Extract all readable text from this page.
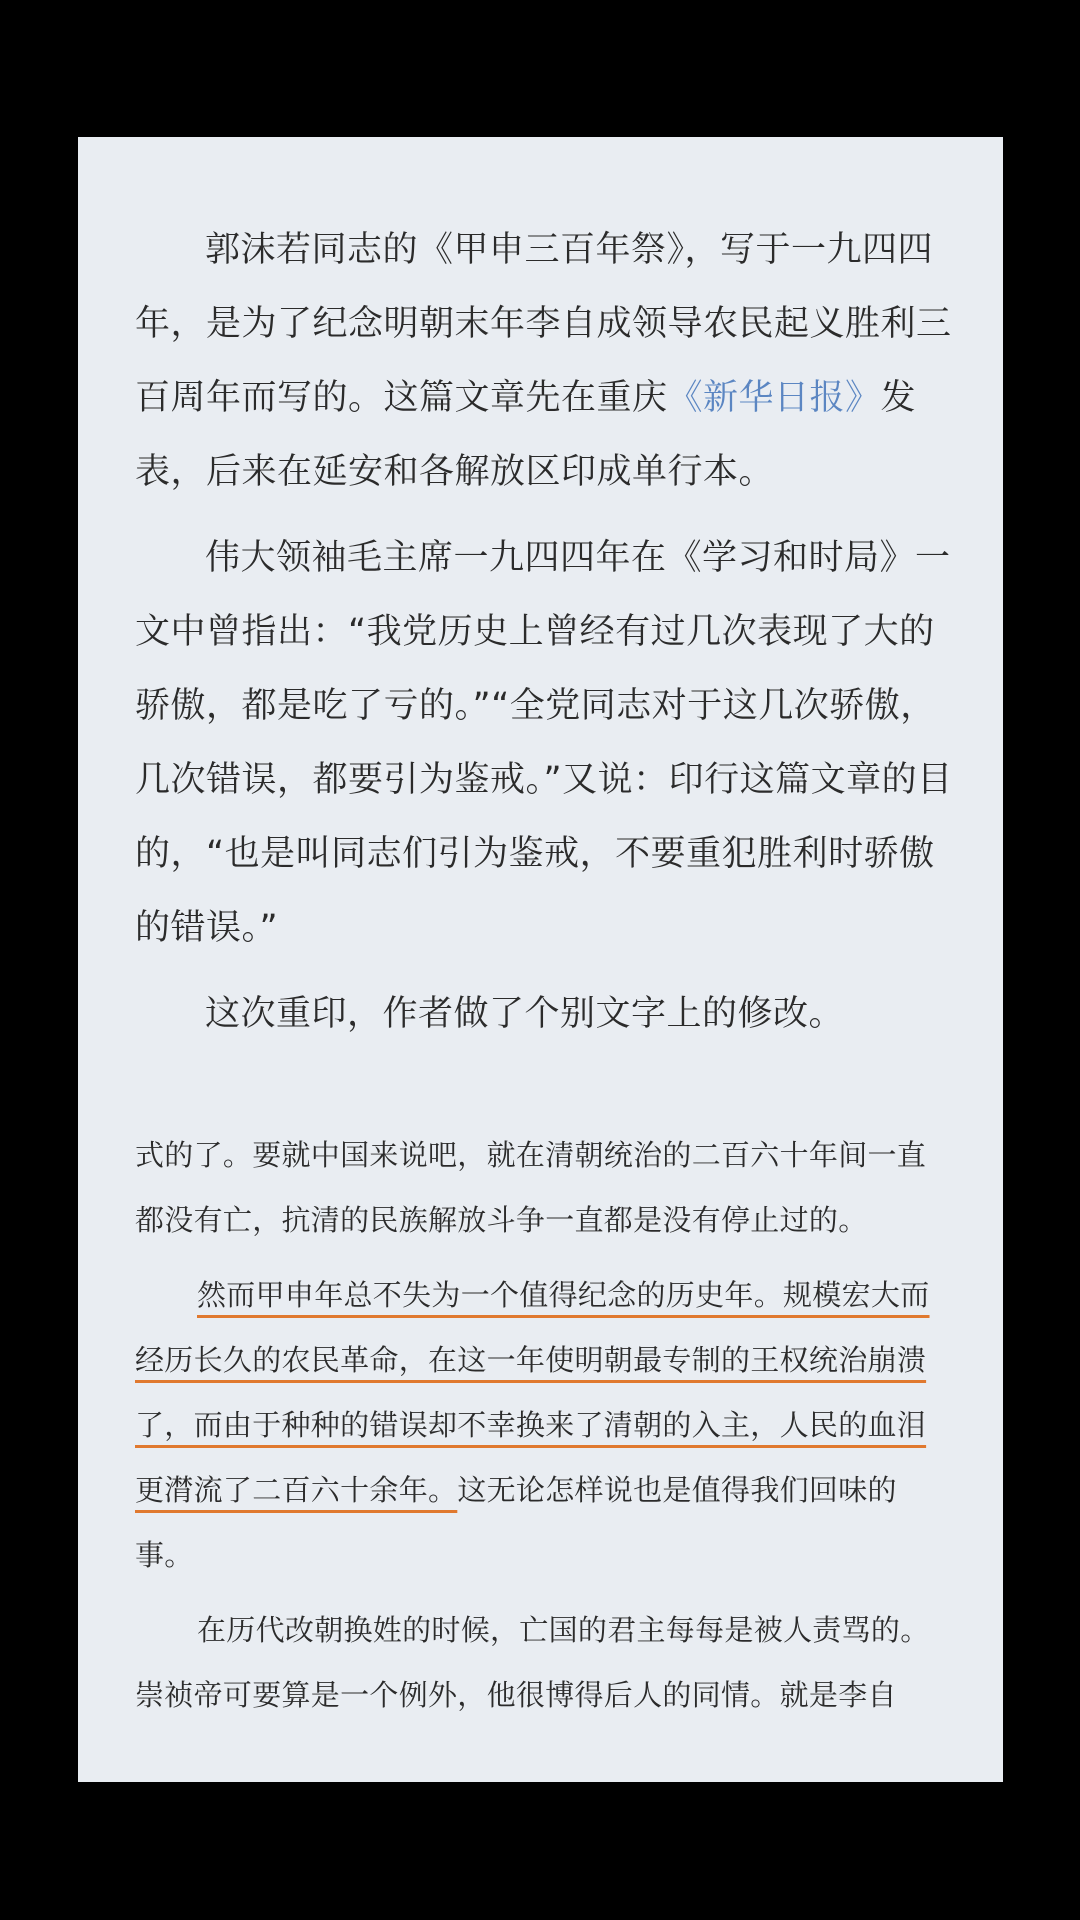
郭沫若同志的《甲申三百年祭》，写于一九四四年，是为了纪念明朝末年李自成领导农民起义胜利三百周年而写的。这篇文章先在重庆《新华日报》发表，后来在延安和各解放区印成单行本。

伟大领袖毛主席一九四四年在《学习和时局》一文中曾指出：“我党历史上曾经有过几次表现了大的骄傲，都是吃了亏的。”“全党同志对于这几次骄傲，几次错误，都要引为鉴戒。”又说：印行这篇文章的目的，“也是叫同志们引为鉴戒，不要重犯胜利时骄傲的错误。”

这次重印，作者做了个别文字上的修改。

式的了。要就中国来说吧，就在清朝统治的二百六十年间一直都没有亡，抗清的民族解放斗争一直都是没有停止过的。

然而甲申年总不失为一个值得纪念的历史年。规模宏大而经历长久的农民革命，在这一年使明朝最专制的王权统治崩溃了，而由于种种的错误却不幸换来了清朝的入主，人民的血泪更潸流了二百六十余年。这无论怎样说也是值得我们回味的事。

在历代改朝换姓的时候，亡国的君主每每是被人责骂的。崇祯帝可要算是一个例外，他很博得后人的同情。就是李自
